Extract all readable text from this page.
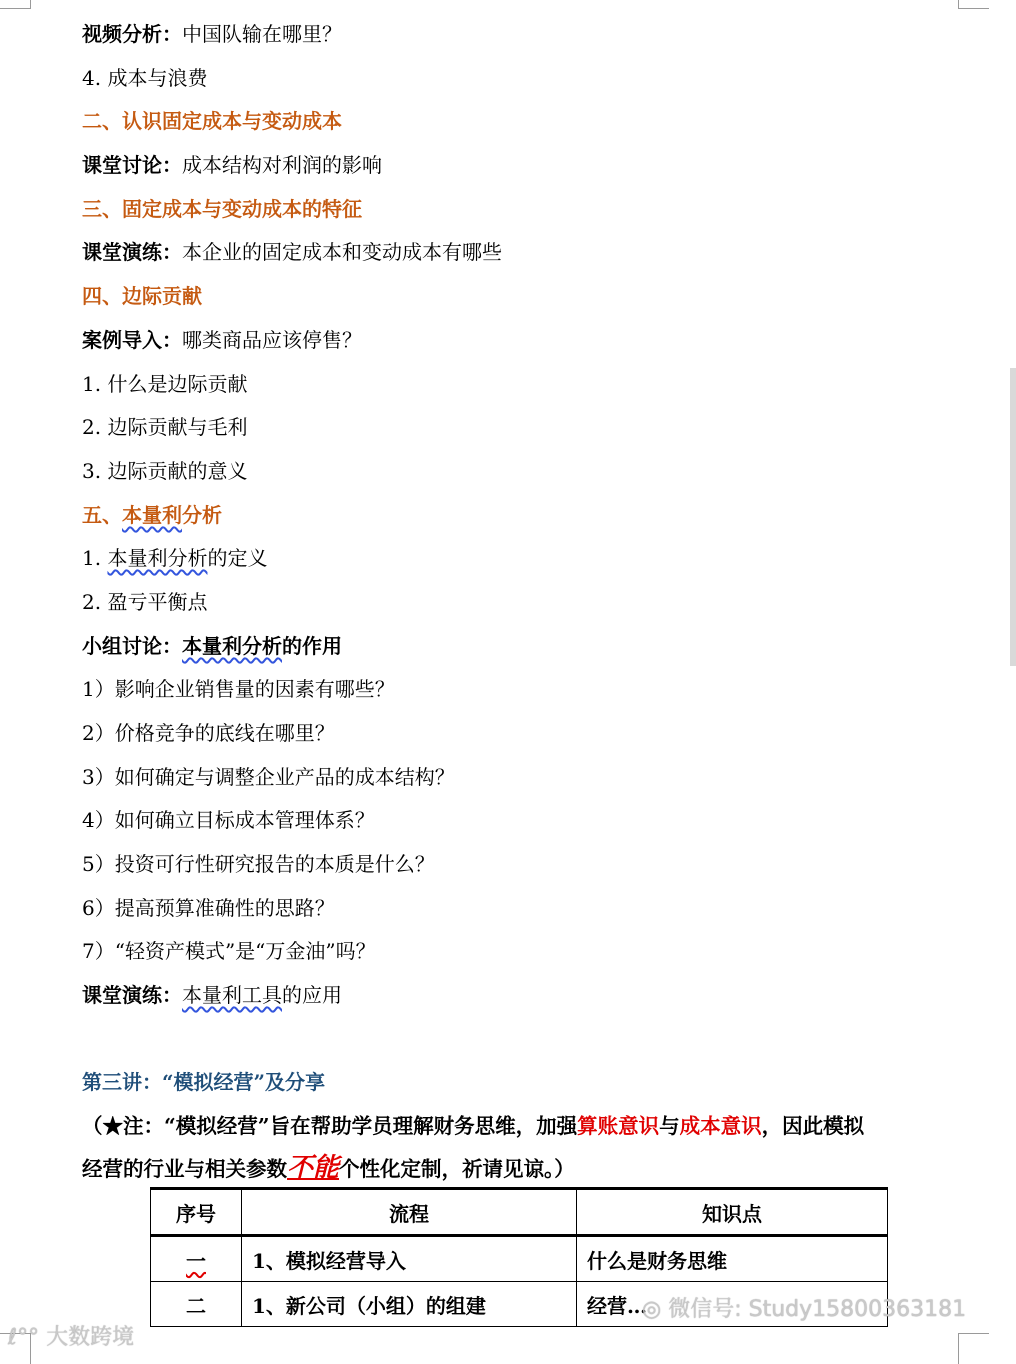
视频分析：中国队输在哪里？
4. 成本与浪费
二、认识固定成本与变动成本
课堂讨论：成本结构对利润的影响
三、固定成本与变动成本的特征
课堂演练：本企业的固定成本和变动成本有哪些
四、边际贡献
案例导入：哪类商品应该停售？
1. 什么是边际贡献
2. 边际贡献与毛利
3. 边际贡献的意义
五、本量利分析
1. 本量利分析的定义
2. 盈亏平衡点
小组讨论：本量利分析的作用
1）影响企业销售量的因素有哪些？
2）价格竞争的底线在哪里？
3）如何确定与调整企业产品的成本结构？
4）如何确立目标成本管理体系？
5）投资可行性研究报告的本质是什么？
6）提高预算准确性的思路？
7）“轻资产模式”是“万金油”吗？
课堂演练：本量利工具的应用
第三讲：“模拟经营”及分享
（★注：“模拟经营”旨在帮助学员理解财务思维，加强算账意识与成本意识，因此模拟
经营的行业与相关参数不能个性化定制，祈请见谅。）
序号	流程	知识点
一	1、模拟经营导入	什么是财务思维
二	1、新公司（小组）的组建	经营…
ℓ°° 大数跨境
◎ 微信号: Study15800363181
